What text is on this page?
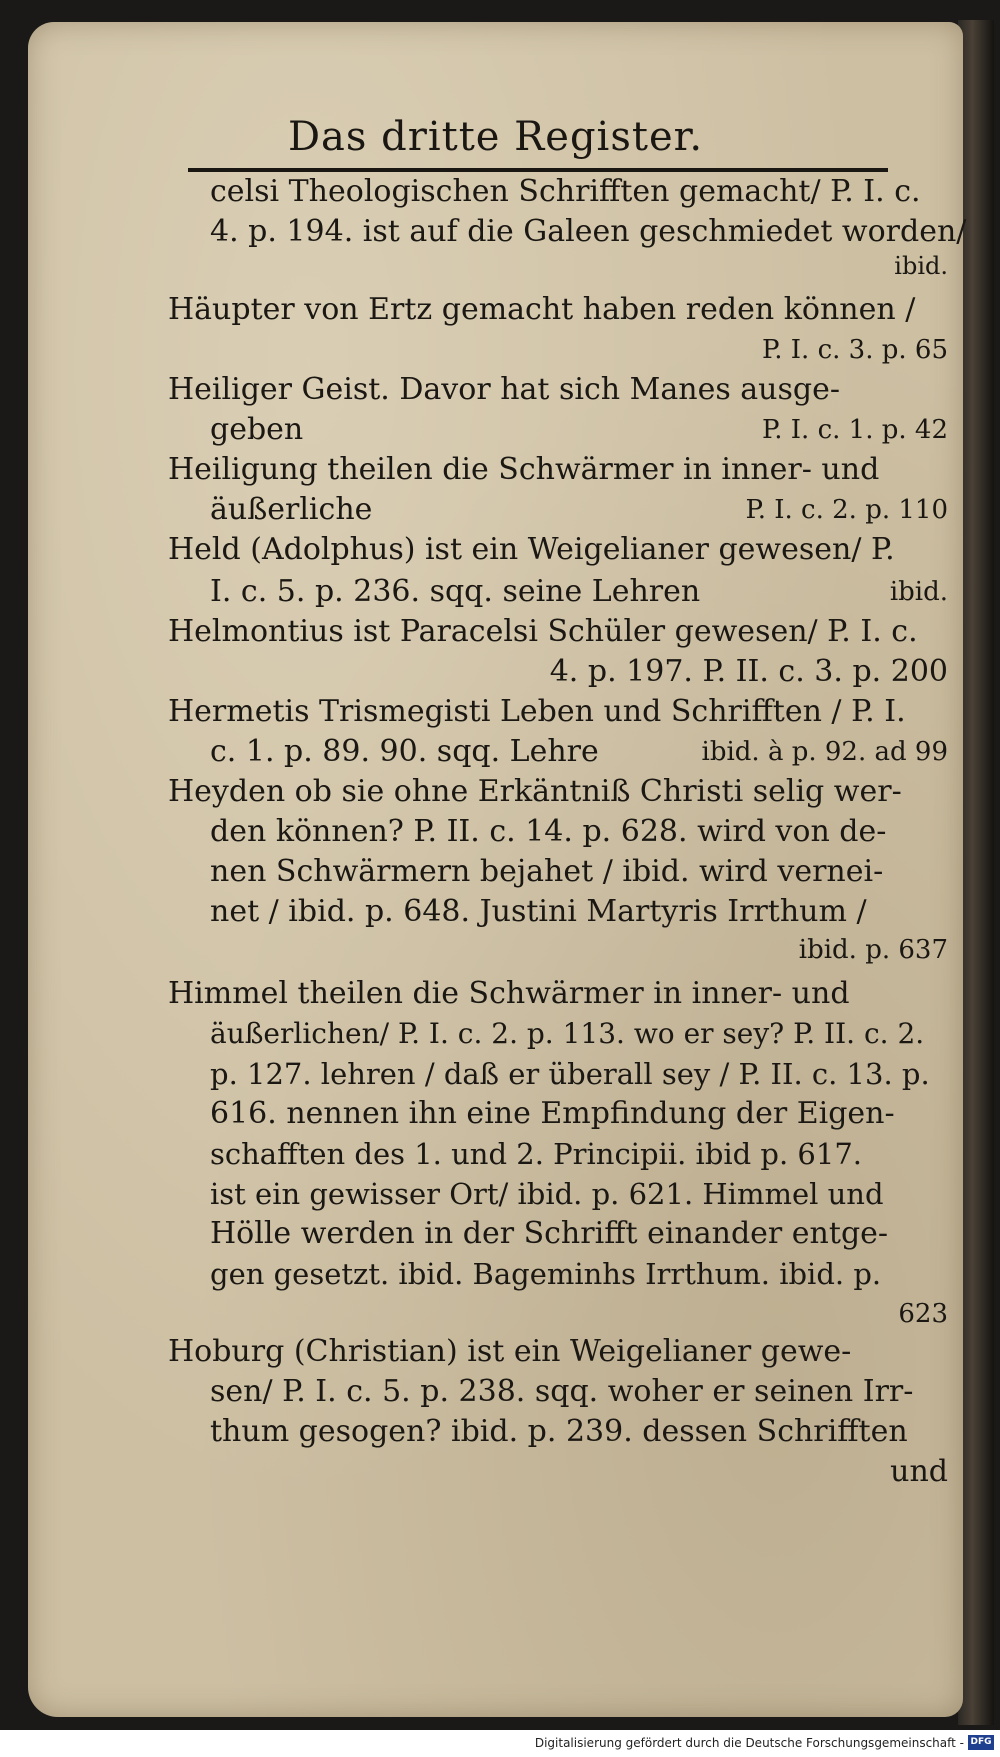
Das dritte Register.
celsi Theologischen Schrifften gemacht/ P. I. c.
4. p. 194. ist auf die Galeen geschmiedet worden/
ibid.
Häupter von Ertz gemacht haben reden können /
P. I. c. 3. p. 65
Heiliger Geist. Davor hat sich Manes ausge-
geben	P. I. c. 1. p. 42
Heiligung theilen die Schwärmer in inner- und
äußerliche	P. I. c. 2. p. 110
Held (Adolphus) ist ein Weigelianer gewesen/ P.
I. c. 5. p. 236. sqq. seine Lehren	ibid.
Helmontius ist Paracelsi Schüler gewesen/ P. I. c.
4. p. 197. P. II. c. 3. p. 200
Hermetis Trismegisti Leben und Schrifften / P. I.
c. 1. p. 89. 90. sqq. Lehre	ibid. à p. 92. ad 99
Heyden ob sie ohne Erkäntniß Christi selig wer-
den können? P. II. c. 14. p. 628. wird von de-
nen Schwärmern bejahet / ibid. wird vernei-
net / ibid. p. 648. Justini Martyris Irrthum /
ibid. p. 637
Himmel theilen die Schwärmer in inner- und
äußerlichen/ P. I. c. 2. p. 113. wo er sey? P. II. c. 2.
p. 127. lehren / daß er überall sey / P. II. c. 13. p.
616. nennen ihn eine Empfindung der Eigen-
schafften des 1. und 2. Principii. ibid p. 617.
ist ein gewisser Ort/ ibid. p. 621. Himmel und
Hölle werden in der Schrifft einander entge-
gen gesetzt. ibid. Bageminhs Irrthum. ibid. p.
623
Hoburg (Christian) ist ein Weigelianer gewe-
sen/ P. I. c. 5. p. 238. sqq. woher er seinen Irr-
thum gesogen? ibid. p. 239. dessen Schrifften
und
Digitalisierung gefördert durch die Deutsche Forschungsgemeinschaft - DFG
